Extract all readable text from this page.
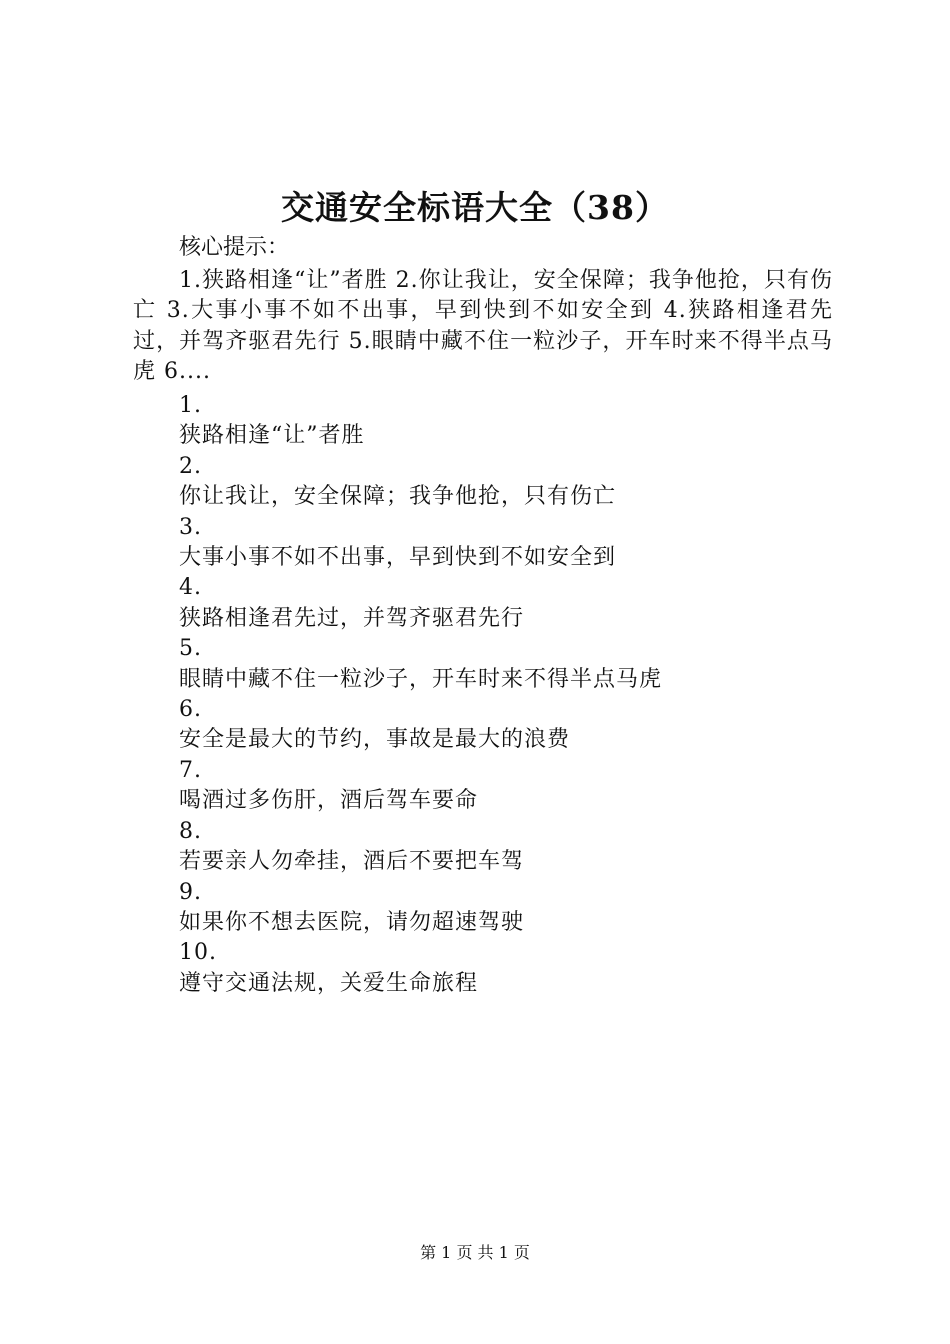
交通安全标语大全（38）
核心提示：
1.狭路相逢“让”者胜 2.你让我让，安全保障；我争他抢，只有伤亡 3.大事小事不如不出事，早到快到不如安全到 4.狭路相逢君先过，并驾齐驱君先行 5.眼睛中藏不住一粒沙子，开车时来不得半点马虎 6....
1.
狭路相逢“让”者胜
2.
你让我让，安全保障；我争他抢，只有伤亡
3.
大事小事不如不出事，早到快到不如安全到
4.
狭路相逢君先过，并驾齐驱君先行
5.
眼睛中藏不住一粒沙子，开车时来不得半点马虎
6.
安全是最大的节约，事故是最大的浪费
7.
喝酒过多伤肝，酒后驾车要命
8.
若要亲人勿牵挂，酒后不要把车驾
9.
如果你不想去医院，请勿超速驾驶
10.
遵守交通法规，关爱生命旅程
第 1 页 共 1 页
